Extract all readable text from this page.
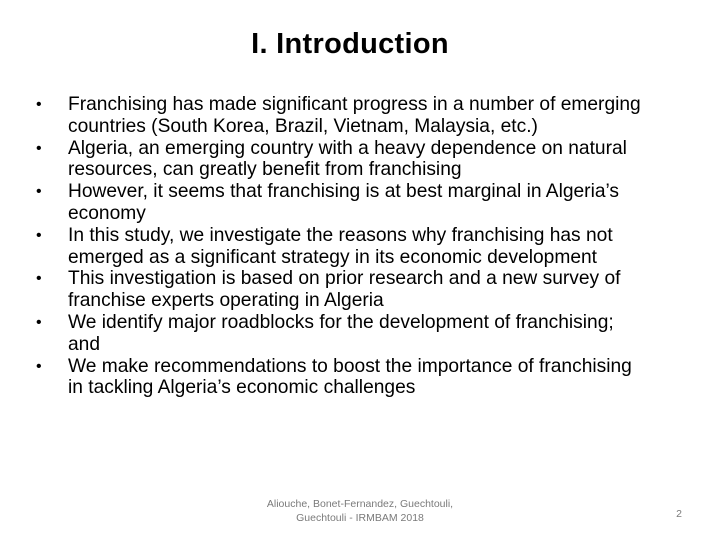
I. Introduction
•	Franchising has made significant progress in a number of emerging
countries (South Korea, Brazil, Vietnam, Malaysia, etc.)
•	Algeria, an emerging country with a heavy dependence on natural
resources, can greatly benefit from franchising
•	However, it seems that franchising is at best marginal in Algeria’s
economy
•	In this study, we investigate the reasons why franchising has not
emerged as a significant strategy in its economic development
•	This investigation is based on prior research and a new survey of
franchise experts operating in Algeria
•	We identify major roadblocks for the development of franchising;
and
•	We make recommendations to boost the importance of franchising
in tackling Algeria’s economic challenges
Aliouche, Bonet-Fernandez, Guechtouli,
Guechtouli - IRMBAM 2018	2
